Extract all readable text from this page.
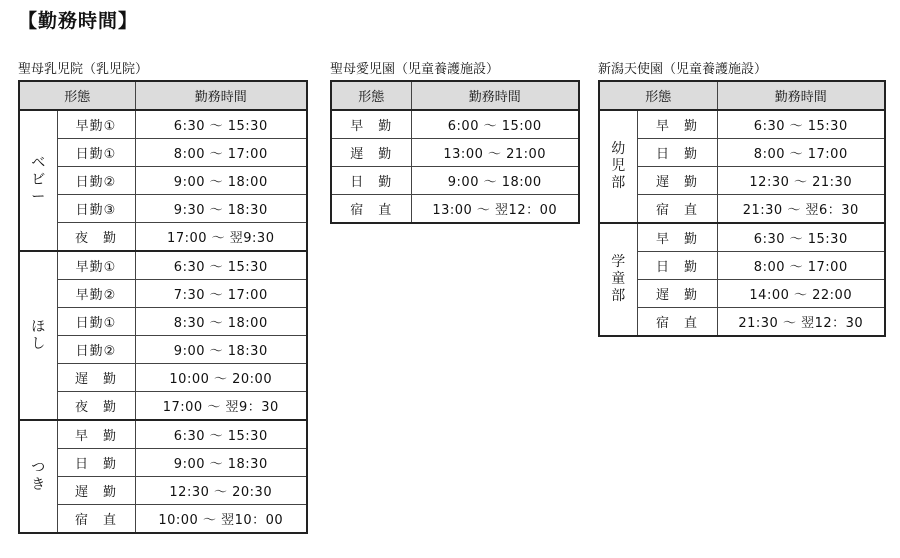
【勤務時間】
聖母乳児院（乳児院）
形態		勤務時間
ベビー	早勤①	6:30 〜 15:30
	日勤①	8:00 〜 17:00
	日勤②	9:00 〜 18:00
	日勤③	9:30 〜 18:30
	夜　勤	17:00 〜 翌9:30
ほし	早勤①	6:30 〜 15:30
	早勤②	7:30 〜 17:00
	日勤①	8:30 〜 18:00
	日勤②	9:00 〜 18:30
	遅　勤	10:00 〜 20:00
	夜　勤	17:00 〜 翌9：30
つき	早　勤	6:30 〜 15:30
	日　勤	9:00 〜 18:30
	遅　勤	12:30 〜 20:30
	宿　直	10:00 〜 翌10：00
聖母愛児園（児童養護施設）
形態	勤務時間
早　勤	6:00 〜 15:00
遅　勤	13:00 〜 21:00
日　勤	9:00 〜 18:00
宿　直	13:00 〜 翌12：00
新潟天使園（児童養護施設）
形態		勤務時間
幼児部	早　勤	6:30 〜 15:30
	日　勤	8:00 〜 17:00
	遅　勤	12:30 〜 21:30
	宿　直	21:30 〜 翌6：30
学童部	早　勤	6:30 〜 15:30
	日　勤	8:00 〜 17:00
	遅　勤	14:00 〜 22:00
	宿　直	21:30 〜 翌12：30
